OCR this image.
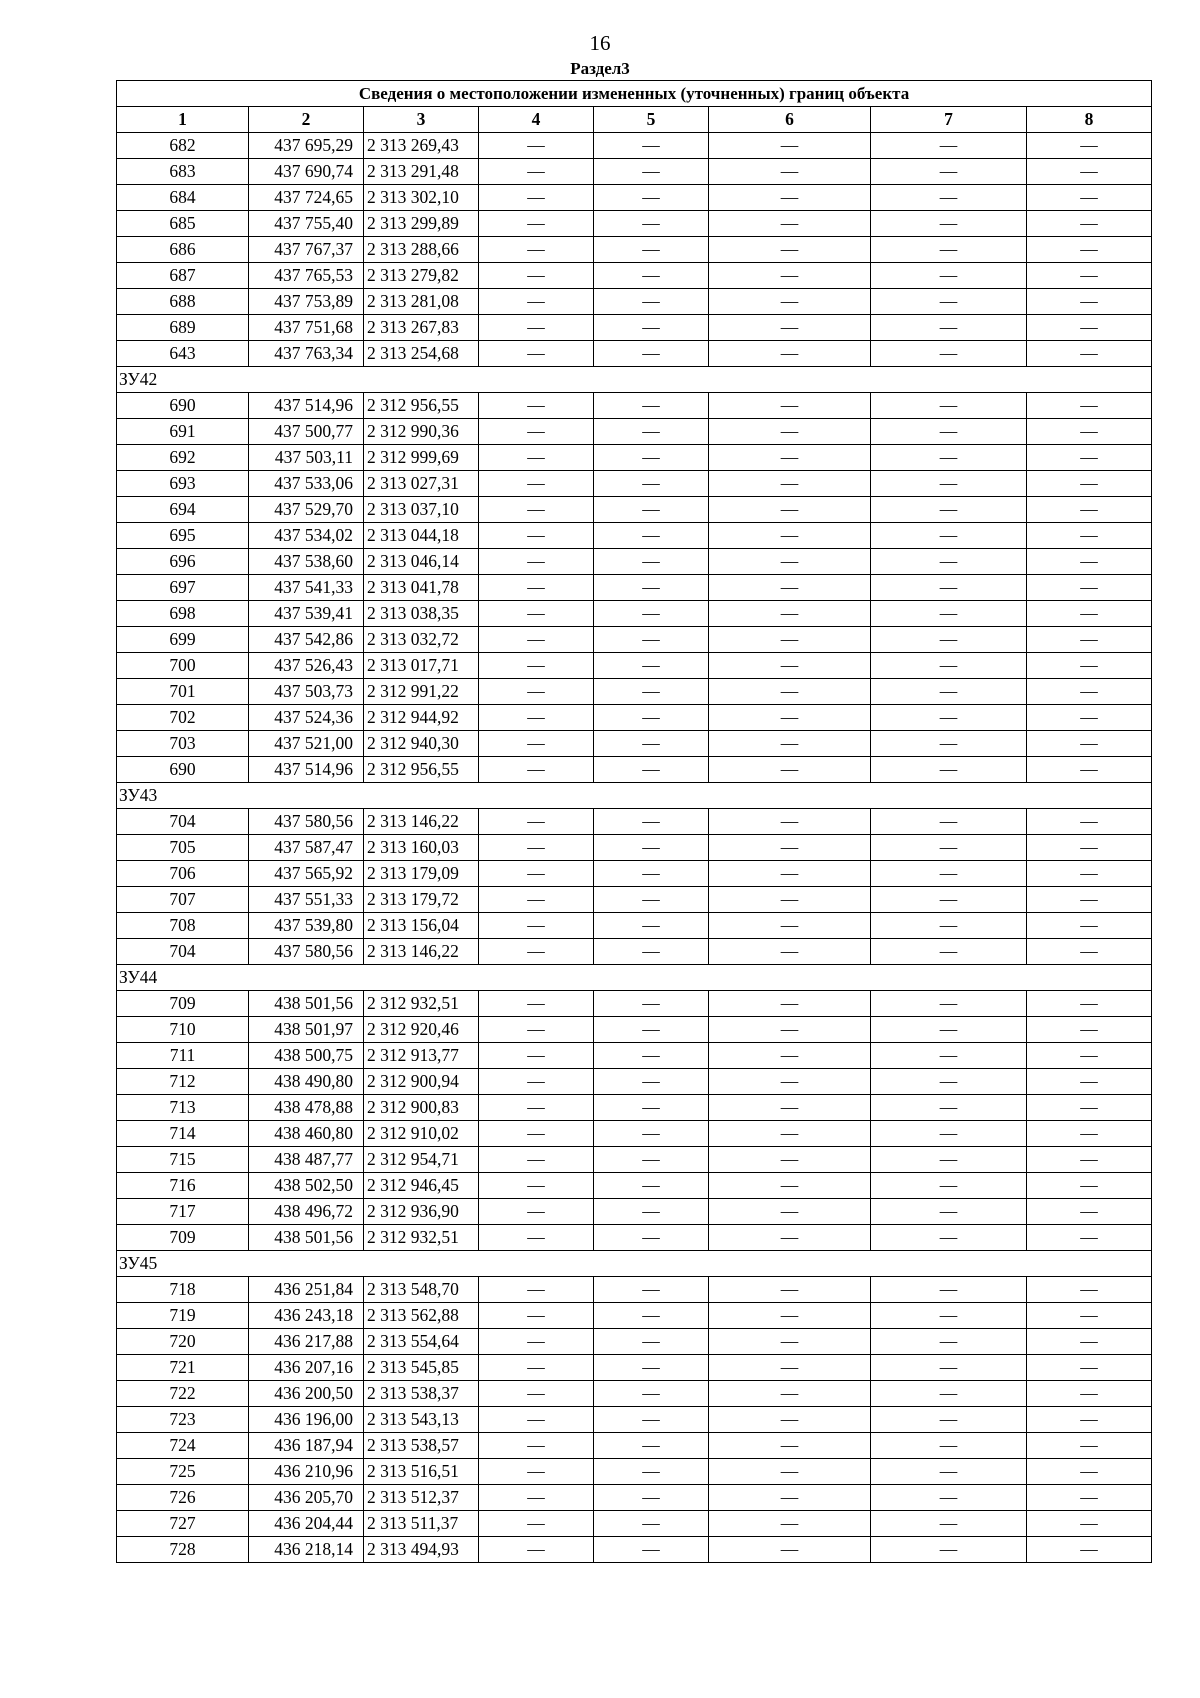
16
Раздел3
Сведения о местоположении измененных (уточненных) границ объекта							
1	2	3	4	5	6	7	8
682	437 695,29	2 313 269,43	—	—	—	—	—
683	437 690,74	2 313 291,48	—	—	—	—	—
684	437 724,65	2 313 302,10	—	—	—	—	—
685	437 755,40	2 313 299,89	—	—	—	—	—
686	437 767,37	2 313 288,66	—	—	—	—	—
687	437 765,53	2 313 279,82	—	—	—	—	—
688	437 753,89	2 313 281,08	—	—	—	—	—
689	437 751,68	2 313 267,83	—	—	—	—	—
643	437 763,34	2 313 254,68	—	—	—	—	—
ЗУ42							
690	437 514,96	2 312 956,55	—	—	—	—	—
691	437 500,77	2 312 990,36	—	—	—	—	—
692	437 503,11	2 312 999,69	—	—	—	—	—
693	437 533,06	2 313 027,31	—	—	—	—	—
694	437 529,70	2 313 037,10	—	—	—	—	—
695	437 534,02	2 313 044,18	—	—	—	—	—
696	437 538,60	2 313 046,14	—	—	—	—	—
697	437 541,33	2 313 041,78	—	—	—	—	—
698	437 539,41	2 313 038,35	—	—	—	—	—
699	437 542,86	2 313 032,72	—	—	—	—	—
700	437 526,43	2 313 017,71	—	—	—	—	—
701	437 503,73	2 312 991,22	—	—	—	—	—
702	437 524,36	2 312 944,92	—	—	—	—	—
703	437 521,00	2 312 940,30	—	—	—	—	—
690	437 514,96	2 312 956,55	—	—	—	—	—
ЗУ43							
704	437 580,56	2 313 146,22	—	—	—	—	—
705	437 587,47	2 313 160,03	—	—	—	—	—
706	437 565,92	2 313 179,09	—	—	—	—	—
707	437 551,33	2 313 179,72	—	—	—	—	—
708	437 539,80	2 313 156,04	—	—	—	—	—
704	437 580,56	2 313 146,22	—	—	—	—	—
ЗУ44							
709	438 501,56	2 312 932,51	—	—	—	—	—
710	438 501,97	2 312 920,46	—	—	—	—	—
711	438 500,75	2 312 913,77	—	—	—	—	—
712	438 490,80	2 312 900,94	—	—	—	—	—
713	438 478,88	2 312 900,83	—	—	—	—	—
714	438 460,80	2 312 910,02	—	—	—	—	—
715	438 487,77	2 312 954,71	—	—	—	—	—
716	438 502,50	2 312 946,45	—	—	—	—	—
717	438 496,72	2 312 936,90	—	—	—	—	—
709	438 501,56	2 312 932,51	—	—	—	—	—
ЗУ45							
718	436 251,84	2 313 548,70	—	—	—	—	—
719	436 243,18	2 313 562,88	—	—	—	—	—
720	436 217,88	2 313 554,64	—	—	—	—	—
721	436 207,16	2 313 545,85	—	—	—	—	—
722	436 200,50	2 313 538,37	—	—	—	—	—
723	436 196,00	2 313 543,13	—	—	—	—	—
724	436 187,94	2 313 538,57	—	—	—	—	—
725	436 210,96	2 313 516,51	—	—	—	—	—
726	436 205,70	2 313 512,37	—	—	—	—	—
727	436 204,44	2 313 511,37	—	—	—	—	—
728	436 218,14	2 313 494,93	—	—	—	—	—
